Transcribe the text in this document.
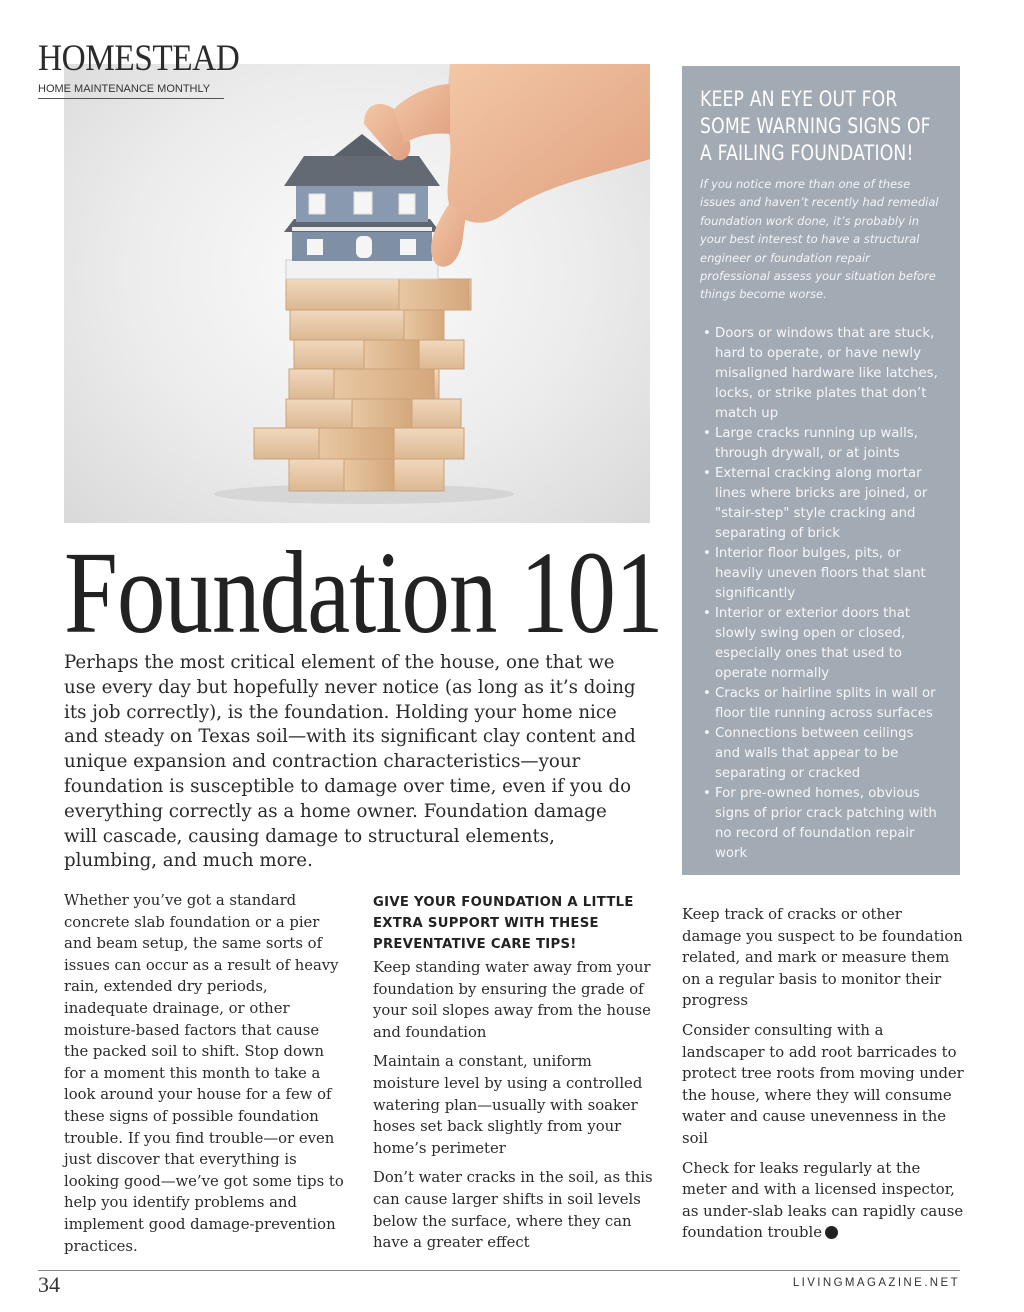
HOMESTEAD
HOME MAINTENANCE MONTHLY	KEEP AN EYE OUT FOR SOME WARNING SIGNS OF A FAILING FOUNDATION!

If you notice more than one of these issues and haven’t recently had remedial foundation work done, it’s probably in your best interest to have a structural engineer or foundation repair professional assess your situation before things become worse.

• Doors or windows that are stuck, hard to operate, or have newly misaligned hardware like latches, locks, or strike plates that don’t match up
• Large cracks running up walls, through drywall, or at joints
• External cracking along mortar lines where bricks are joined, or "stair-step" style cracking and separating of brick
• Interior floor bulges, pits, or heavily uneven floors that slant significantly
• Interior or exterior doors that slowly swing open or closed, especially ones that used to operate normally
• Cracks or hairline splits in wall or floor tile running across surfaces
• Connections between ceilings and walls that appear to be separating or cracked
• For pre-owned homes, obvious signs of prior crack patching with no record of foundation repair work
Foundation 101

Perhaps the most critical element of the house, one that we use every day but hopefully never notice (as long as it’s doing its job correctly), is the foundation. Holding your home nice and steady on Texas soil—with its significant clay content and unique expansion and contraction characteristics—your foundation is susceptible to damage over time, even if you do everything correctly as a home owner. Foundation damage will cascade, causing damage to structural elements, plumbing, and much more.

Whether you’ve got a standard concrete slab foundation or a pier and beam setup, the same sorts of issues can occur as a result of heavy rain, extended dry periods, inadequate drainage, or other moisture-based factors that cause the packed soil to shift. Stop down for a moment this month to take a look around your house for a few of these signs of possible foundation trouble. If you find trouble—or even just discover that everything is looking good—we’ve got some tips to help you identify problems and implement good damage-prevention practices.

GIVE YOUR FOUNDATION A LITTLE EXTRA SUPPORT WITH THESE PREVENTATIVE CARE TIPS!

Keep standing water away from your foundation by ensuring the grade of your soil slopes away from the house and foundation

Maintain a constant, uniform moisture level by using a controlled watering plan—usually with soaker hoses set back slightly from your home’s perimeter

Don’t water cracks in the soil, as this can cause larger shifts in soil levels below the surface, where they can have a greater effect

Keep track of cracks or other damage you suspect to be foundation related, and mark or measure them on a regular basis to monitor their progress

Consider consulting with a landscaper to add root barricades to protect tree roots from moving under the house, where they will consume water and cause unevenness in the soil

Check for leaks regularly at the meter and with a licensed inspector, as under-slab leaks can rapidly cause foundation trouble

34	LIVINGMAGAZINE.NET
